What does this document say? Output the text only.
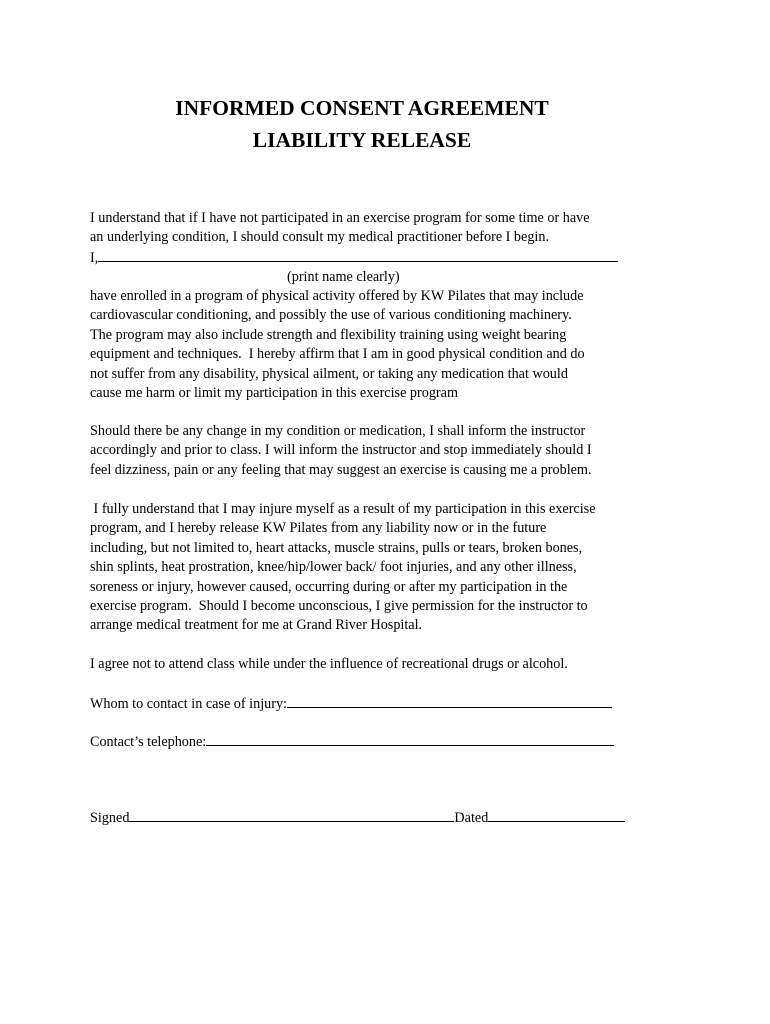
INFORMED CONSENT AGREEMENT
LIABILITY RELEASE
I understand that if I have not participated in an exercise program for some time or have
an underlying condition, I should consult my medical practitioner before I begin.
I,
(print name clearly)
have enrolled in a program of physical activity offered by KW Pilates that may include
cardiovascular conditioning, and possibly the use of various conditioning machinery.
The program may also include strength and flexibility training using weight bearing
equipment and techniques.  I hereby affirm that I am in good physical condition and do
not suffer from any disability, physical ailment, or taking any medication that would
cause me harm or limit my participation in this exercise program
Should there be any change in my condition or medication, I shall inform the instructor
accordingly and prior to class. I will inform the instructor and stop immediately should I
feel dizziness, pain or any feeling that may suggest an exercise is causing me a problem.
I fully understand that I may injure myself as a result of my participation in this exercise
program, and I hereby release KW Pilates from any liability now or in the future
including, but not limited to, heart attacks, muscle strains, pulls or tears, broken bones,
shin splints, heat prostration, knee/hip/lower back/ foot injuries, and any other illness,
soreness or injury, however caused, occurring during or after my participation in the
exercise program.  Should I become unconscious, I give permission for the instructor to
arrange medical treatment for me at Grand River Hospital.
I agree not to attend class while under the influence of recreational drugs or alcohol.
Whom to contact in case of injury:
Contact’s telephone:
Signed	Dated
